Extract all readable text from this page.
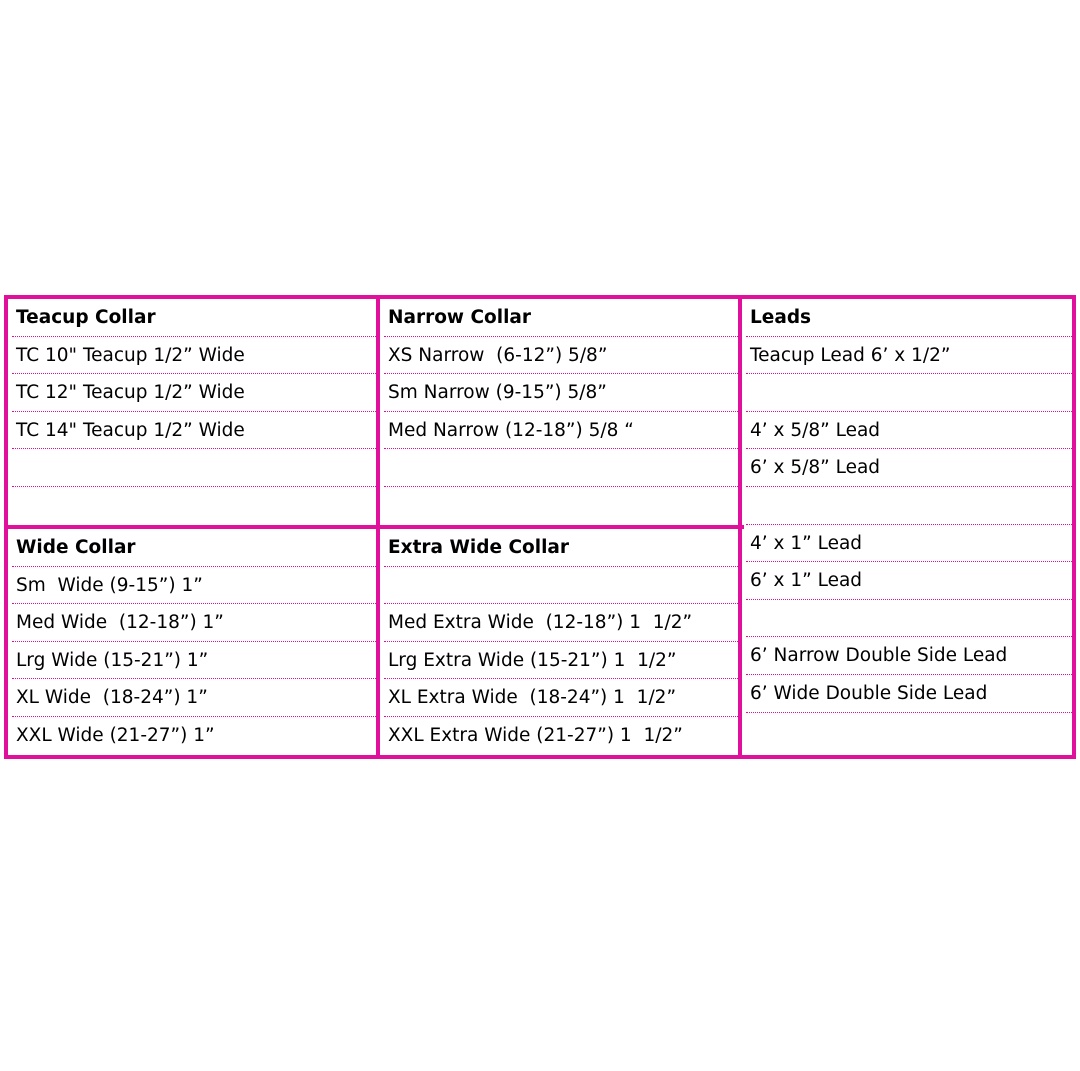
Teacup Collar
TC 10" Teacup 1/2” Wide
TC 12" Teacup 1/2” Wide
TC 14" Teacup 1/2” Wide
Narrow Collar
XS Narrow  (6-12”) 5/8”
Sm Narrow (9-15”) 5/8”
Med Narrow (12-18”) 5/8 “
Wide Collar
Sm  Wide (9-15”) 1”
Med Wide  (12-18”) 1”
Lrg Wide (15-21”) 1”
XL Wide  (18-24”) 1”
XXL Wide (21-27”) 1”
Extra Wide Collar
Med Extra Wide  (12-18”) 1  1/2”
Lrg Extra Wide (15-21”) 1  1/2”
XL Extra Wide  (18-24”) 1  1/2”
XXL Extra Wide (21-27”) 1  1/2”
Leads
Teacup Lead 6’ x 1/2”
4’ x 5/8” Lead
6’ x 5/8” Lead
4’ x 1” Lead
6’ x 1” Lead
6’ Narrow Double Side Lead
6’ Wide Double Side Lead
